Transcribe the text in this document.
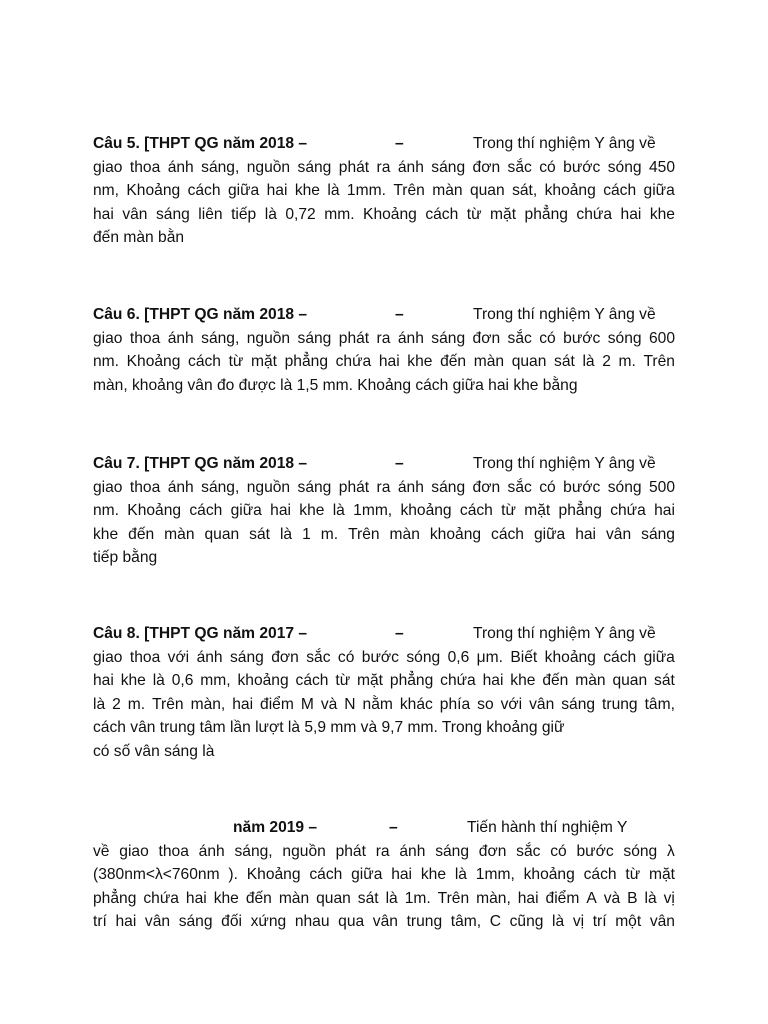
Câu 5. [THPT QG năm 2018 –	–	Trong thí nghiệm Y âng về
giao thoa ánh sáng, nguồn sáng phát ra ánh sáng đơn sắc có bước sóng 450
nm, Khoảng cách giữa hai khe là 1mm. Trên màn quan sát, khoảng cách giữa
hai vân sáng liên tiếp là 0,72 mm. Khoảng cách từ mặt phẳng chứa hai khe
đến màn bằn
Câu 6. [THPT QG năm 2018 –	–	Trong thí nghiệm Y âng về
giao thoa ánh sáng, nguồn sáng phát ra ánh sáng đơn sắc có bước sóng 600
nm. Khoảng cách từ mặt phẳng chứa hai khe đến màn quan sát là 2 m. Trên
màn, khoảng vân đo được là 1,5 mm. Khoảng cách giữa hai khe bằng
Câu 7. [THPT QG năm 2018 –	–	Trong thí nghiệm Y âng về
giao thoa ánh sáng, nguồn sáng phát ra ánh sáng đơn sắc có bước sóng 500
nm. Khoảng cách giữa hai khe là 1mm, khoảng cách từ mặt phẳng chứa hai
khe đến màn quan sát là 1 m. Trên màn khoảng cách giữa hai vân sáng
tiếp bằng
Câu 8. [THPT QG năm 2017 –	–	Trong thí nghiệm Y âng về
giao thoa với ánh sáng đơn sắc có bước sóng 0,6 μm. Biết khoảng cách giữa
hai khe là 0,6 mm, khoảng cách từ mặt phẳng chứa hai khe đến màn quan sát
là 2 m. Trên màn, hai điểm M và N nằm khác phía so với vân sáng trung tâm,
cách vân trung tâm lần lượt là 5,9 mm và 9,7 mm. Trong khoảng giữ
có số vân sáng là
năm 2019 –	–	Tiến hành thí nghiệm Y
về giao thoa ánh sáng, nguồn phát ra ánh sáng đơn sắc có bước sóng λ
(380nm<λ<760nm ). Khoảng cách giữa hai khe là 1mm, khoảng cách từ mặt
phẳng chứa hai khe đến màn quan sát là 1m. Trên màn, hai điểm A và B là vị
trí hai vân sáng đối xứng nhau qua vân trung tâm, C cũng là vị trí một vân
